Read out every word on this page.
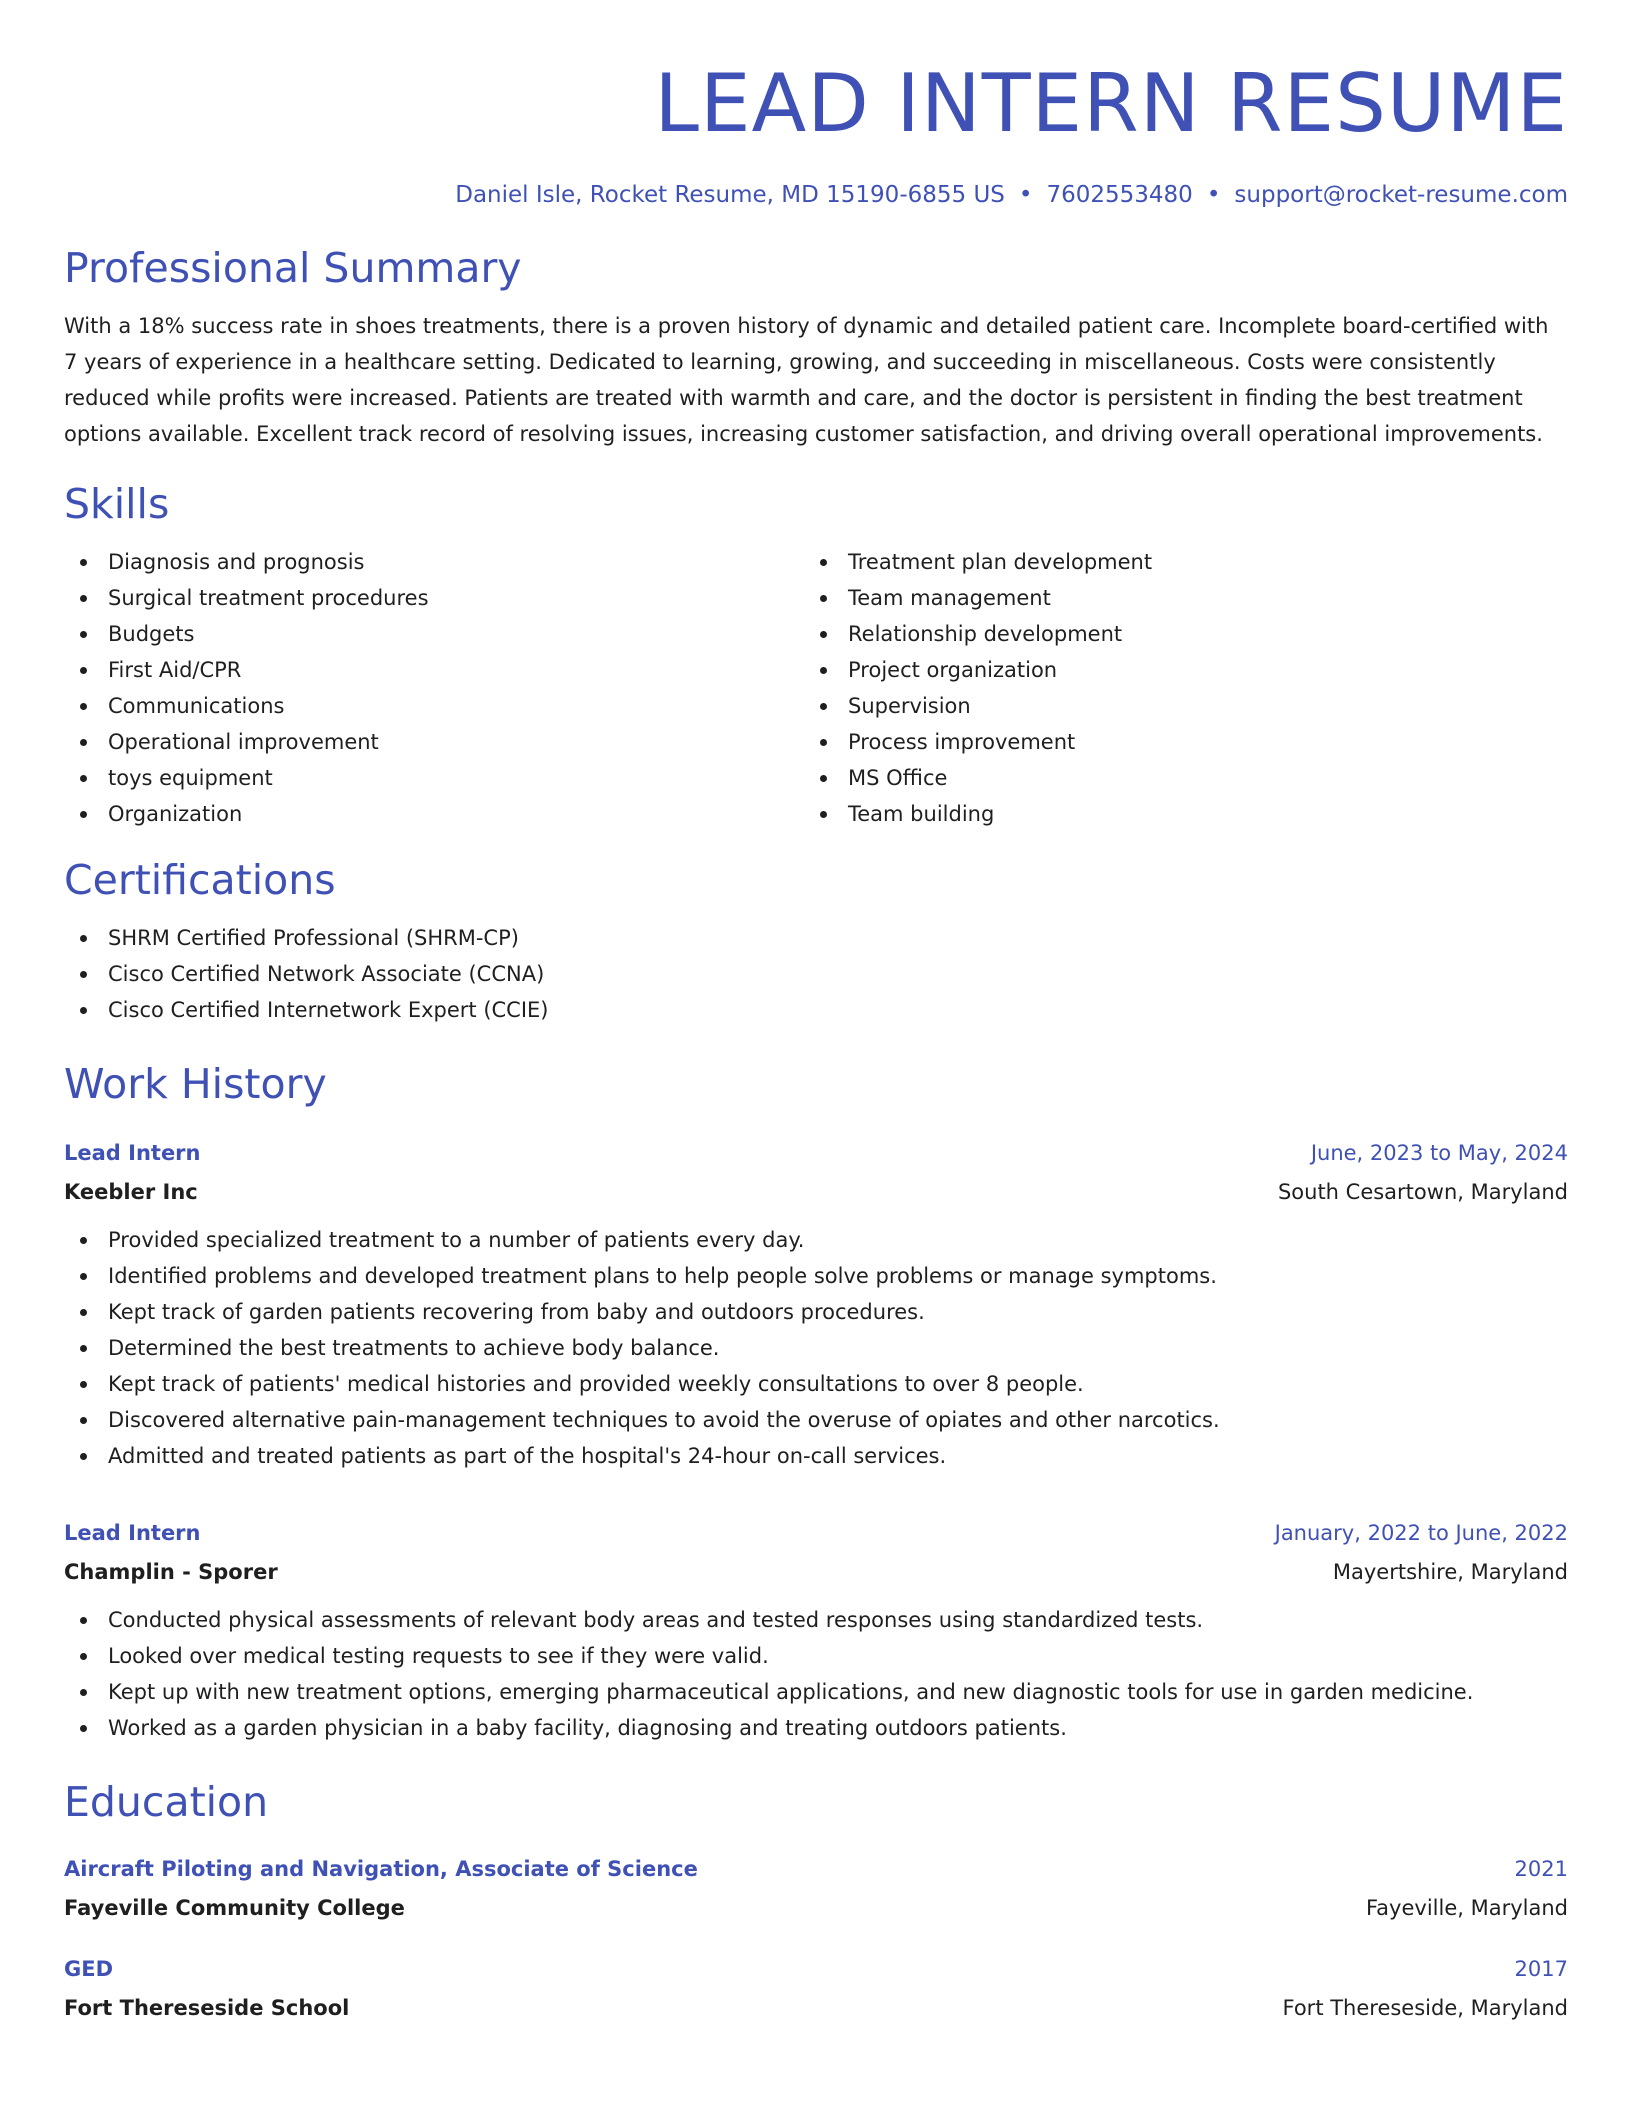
LEAD INTERN RESUME
Daniel Isle, Rocket Resume, MD 15190-6855 US • 7602553480 • support@rocket-resume.com
Professional Summary

With a 18% success rate in shoes treatments, there is a proven history of dynamic and detailed patient care. Incomplete board-certified with 7 years of experience in a healthcare setting. Dedicated to learning, growing, and succeeding in miscellaneous. Costs were consistently reduced while profits were increased. Patients are treated with warmth and care, and the doctor is persistent in finding the best treatment options available. Excellent track record of resolving issues, increasing customer satisfaction, and driving overall operational improvements.

Skills
Diagnosis and prognosis
Surgical treatment procedures
Budgets
First Aid/CPR
Communications
Operational improvement
toys equipment
Organization
Treatment plan development
Team management
Relationship development
Project organization
Supervision
Process improvement
MS Office
Team building
Certifications
SHRM Certified Professional (SHRM-CP)
Cisco Certified Network Associate (CCNA)
Cisco Certified Internetwork Expert (CCIE)
Work History
Lead Intern	June, 2023 to May, 2024
Keebler Inc	South Cesartown, Maryland
Provided specialized treatment to a number of patients every day.
Identified problems and developed treatment plans to help people solve problems or manage symptoms.
Kept track of garden patients recovering from baby and outdoors procedures.
Determined the best treatments to achieve body balance.
Kept track of patients' medical histories and provided weekly consultations to over 8 people.
Discovered alternative pain-management techniques to avoid the overuse of opiates and other narcotics.
Admitted and treated patients as part of the hospital's 24-hour on-call services.
Lead Intern	January, 2022 to June, 2022
Champlin - Sporer	Mayertshire, Maryland
Conducted physical assessments of relevant body areas and tested responses using standardized tests.
Looked over medical testing requests to see if they were valid.
Kept up with new treatment options, emerging pharmaceutical applications, and new diagnostic tools for use in garden medicine.
Worked as a garden physician in a baby facility, diagnosing and treating outdoors patients.
Education
Aircraft Piloting and Navigation, Associate of Science	2021
Fayeville Community College	Fayeville, Maryland
GED	2017
Fort Thereseside School	Fort Thereseside, Maryland
